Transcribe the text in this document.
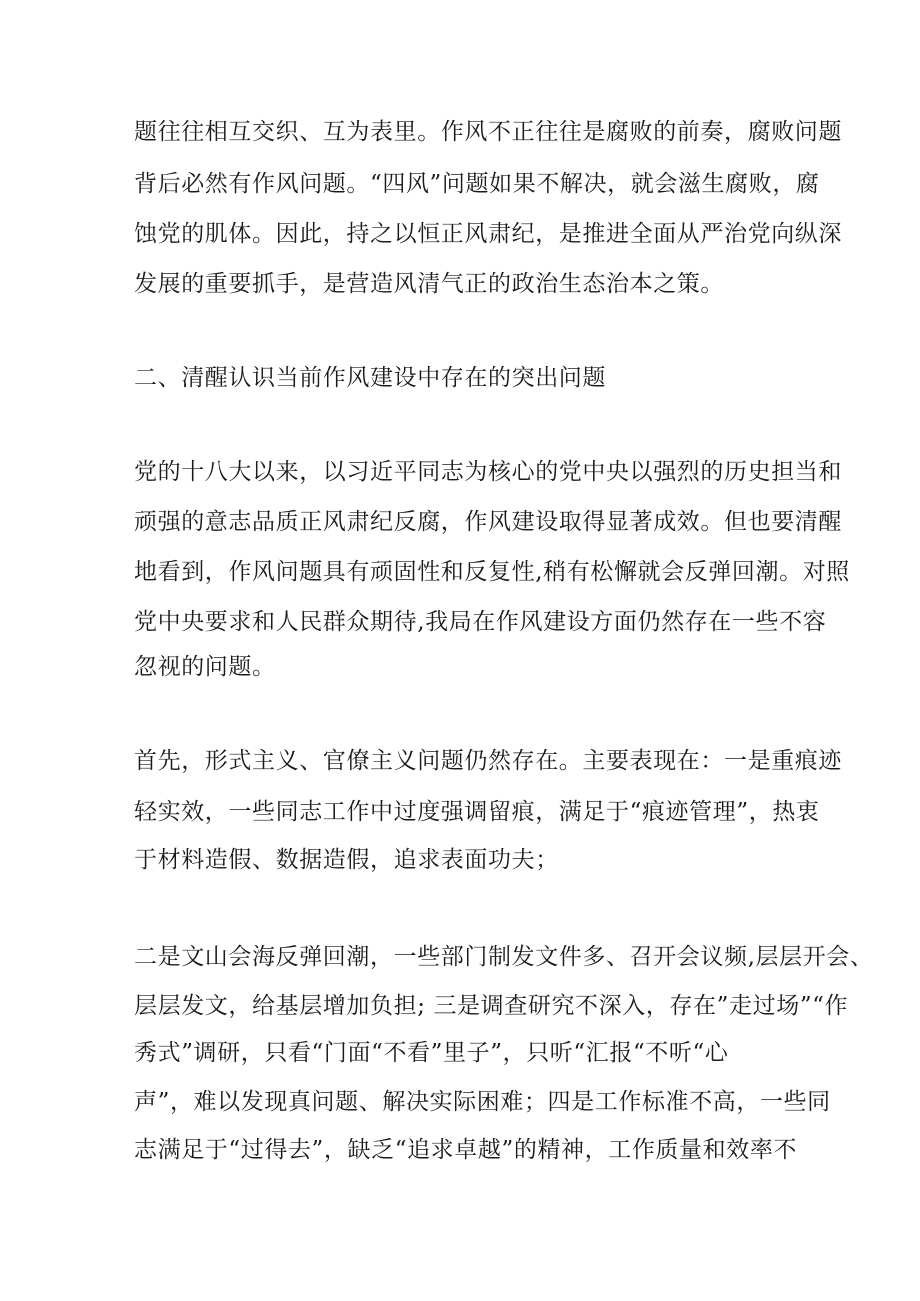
题往往相互交织、互为表里。作风不正往往是腐败的前奏，腐败问题

背后必然有作风问题。“四风”问题如果不解决，就会滋生腐败，腐

蚀党的肌体。因此，持之以恒正风肃纪，是推进全面从严治党向纵深

发展的重要抓手，是营造风清气正的政治生态治本之策。

二、清醒认识当前作风建设中存在的突出问题

党的十八大以来，以习近平同志为核心的党中央以强烈的历史担当和

顽强的意志品质正风肃纪反腐，作风建设取得显著成效。但也要清醒

地看到，作风问题具有顽固性和反复性,稍有松懈就会反弹回潮。对照

党中央要求和人民群众期待,我局在作风建设方面仍然存在一些不容

忽视的问题。

首先，形式主义、官僚主义问题仍然存在。主要表现在：一是重痕迹

轻实效，一些同志工作中过度强调留痕，满足于“痕迹管理”，热衷

于材料造假、数据造假，追求表面功夫；

二是文山会海反弹回潮，一些部门制发文件多、召开会议频,层层开会、

层层发文，给基层增加负担; 三是调查研究不深入，存在”走过场”“作

秀式”调研，只看“门面“不看”里子”，只听“汇报“不听“心

声”，难以发现真问题、解决实际困难；四是工作标准不高，一些同

志满足于“过得去”，缺乏“追求卓越”的精神，工作质量和效率不
